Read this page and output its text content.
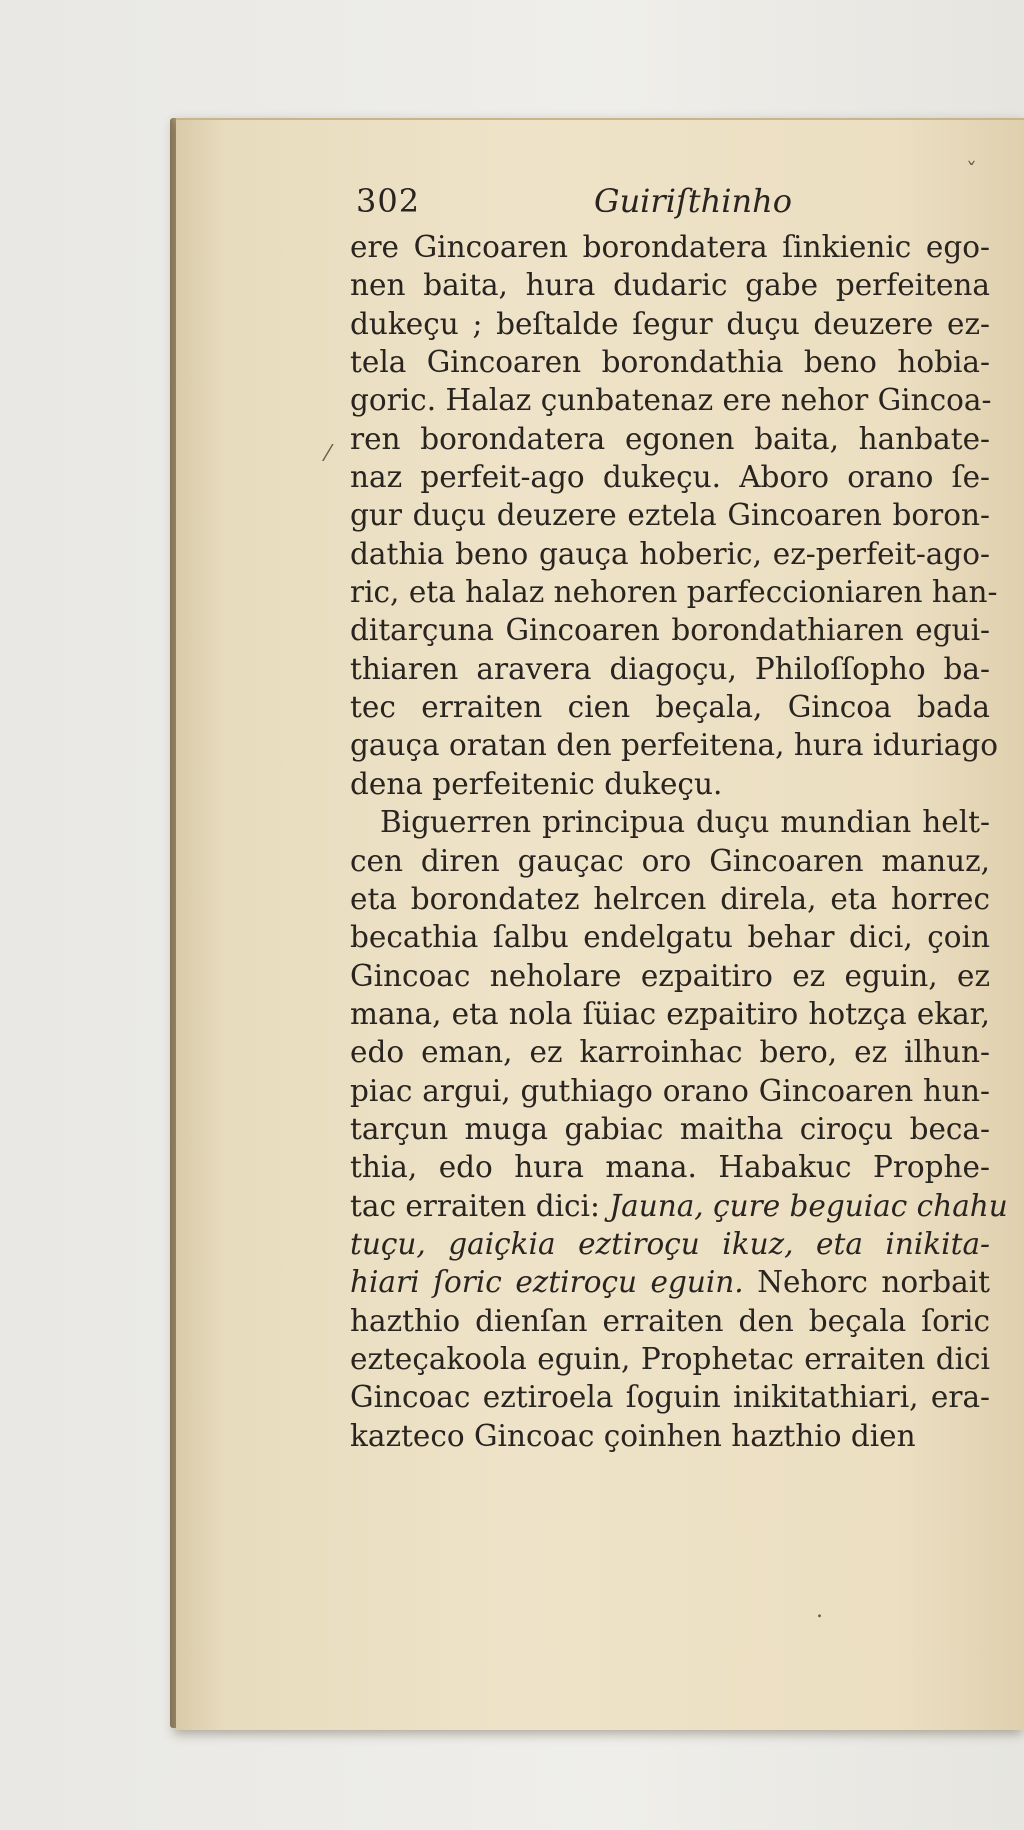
302	Guiriſthinho
ere Gincoaren borondatera ſinkienic ego-
nen baita, hura dudaric gabe perfeitena
dukeçu ; beſtalde ſegur duçu deuzere ez-
tela Gincoaren borondathia beno hobia-
goric. Halaz çunbatenaz ere nehor Gincoa-
ren borondatera egonen baita, hanbate-
naz perfeit-ago dukeçu. Aboro orano ſe-
gur duçu deuzere eztela Gincoaren boron-
dathia beno gauça hoberic, ez-perfeit-ago-
ric, eta halaz nehoren parfeccioniaren han-
ditarçuna Gincoaren borondathiaren egui-
thiaren aravera diagoçu, Philoſſopho ba-
tec erraiten cien beçala, Gincoa bada
gauça oratan den perfeitena, hura iduriago
dena perfeitenic dukeçu.
Biguerren principua duçu mundian helt-
cen diren gauçac oro Gincoaren manuz,
eta borondatez helrcen direla, eta horrec
becathia ſalbu endelgatu behar dici, çoin
Gincoac neholare ezpaitiro ez eguin, ez
mana, eta nola ſüiac ezpaitiro hotzça ekar,
edo eman, ez karroinhac bero, ez ilhun-
piac argui, guthiago orano Gincoaren hun-
tarçun muga gabiac maitha ciroçu beca-
thia, edo hura mana. Habakuc Prophe-
tac erraiten dici: Jauna, çure beguiac chahu
tuçu, gaiçkia eztiroçu ikuz, eta inikita-
hiari ſoric eztiroçu eguin. Nehorc norbait
hazthio dienſan erraiten den beçala ſoric
ezteçakoola eguin, Prophetac erraiten dici
Gincoac eztiroela ſoguin inikitathiari, era-
kazteco Gincoac çoinhen hazthio dien
⁄
.
ˇ
